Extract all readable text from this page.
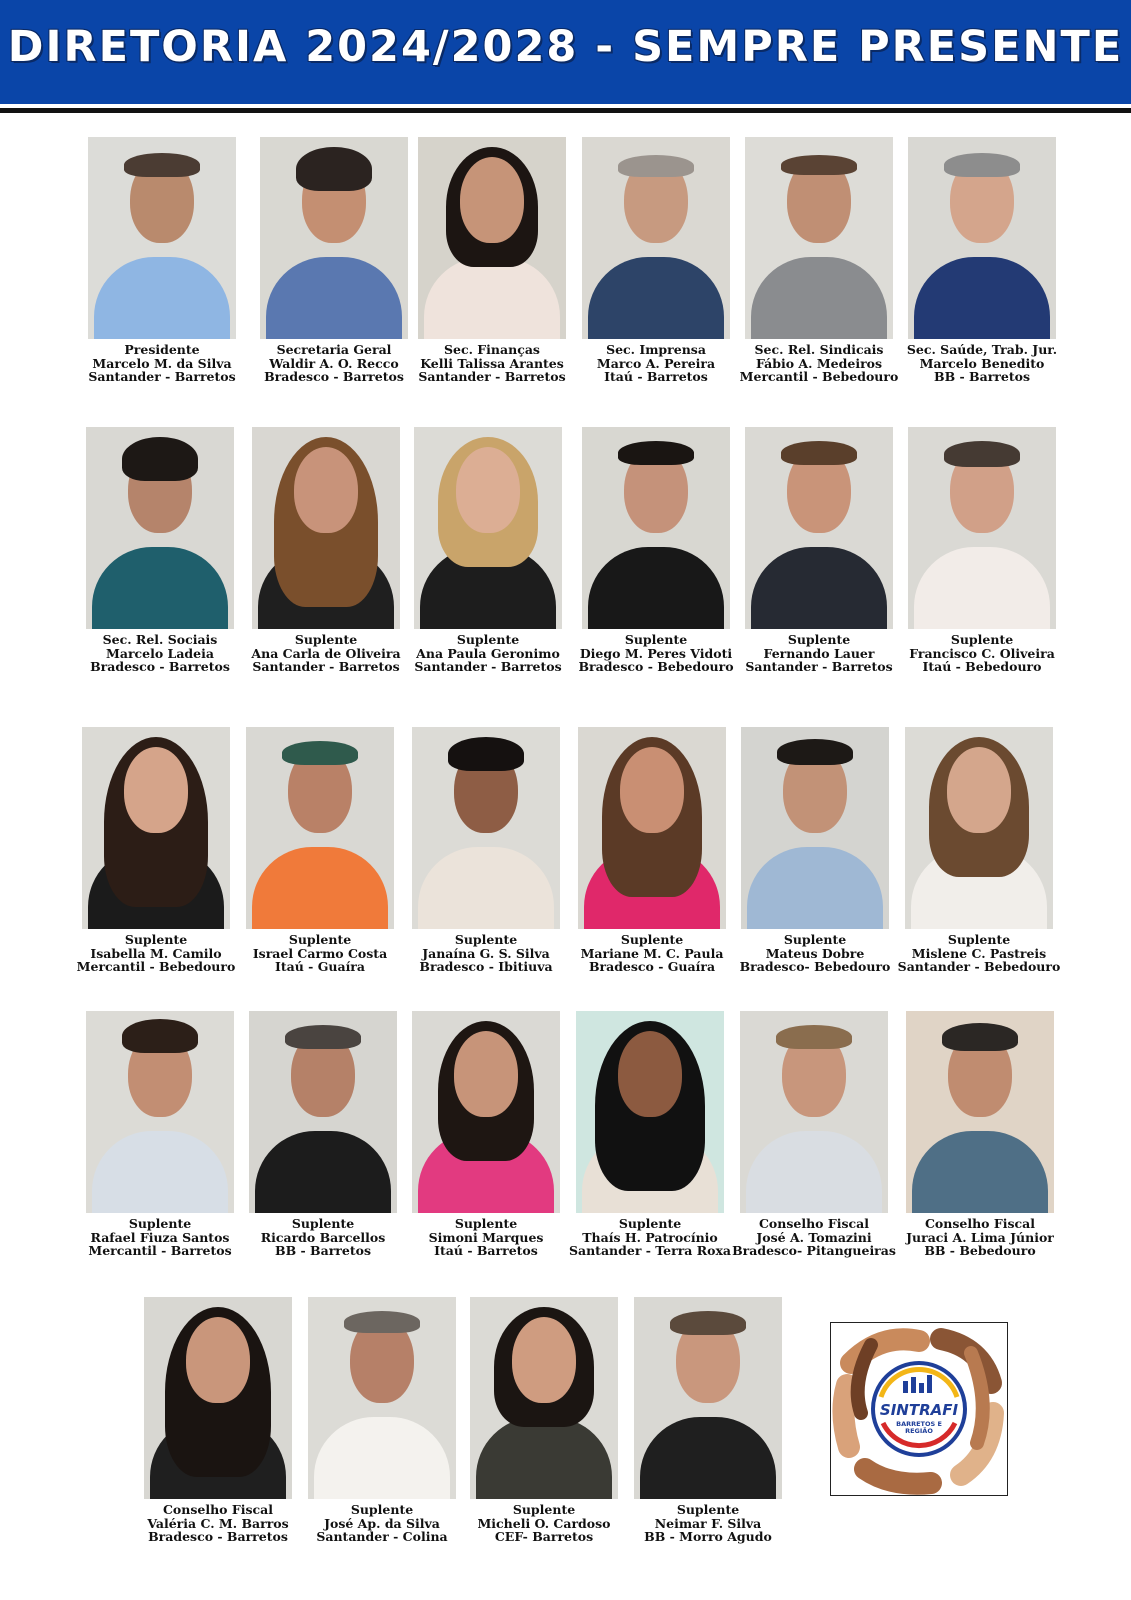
DIRETORIA 2024/2028 - SEMPRE PRESENTE
Presidente
Marcelo M. da Silva
Santander - Barretos
Secretaria Geral
Waldir A. O. Recco
Bradesco - Barretos
Sec. Finanças
Kelli Talissa Arantes
Santander - Barretos
Sec. Imprensa
Marco A. Pereira
Itaú - Barretos
Sec. Rel. Sindicais
Fábio A. Medeiros
Mercantil - Bebedouro
Sec. Saúde, Trab. Jur.
Marcelo Benedito
BB - Barretos
Sec. Rel. Sociais
Marcelo Ladeia
Bradesco - Barretos
Suplente
Ana Carla de Oliveira
Santander - Barretos
Suplente
Ana Paula Geronimo
Santander - Barretos
Suplente
Diego M. Peres Vidoti
Bradesco - Bebedouro
Suplente
Fernando Lauer
Santander - Barretos
Suplente
Francisco C. Oliveira
Itaú - Bebedouro
Suplente
Isabella M. Camilo
Mercantil - Bebedouro
Suplente
Israel Carmo Costa
Itaú - Guaíra
Suplente
Janaína G. S. Silva
Bradesco - Ibitiuva
Suplente
Mariane M. C. Paula
Bradesco - Guaíra
Suplente
Mateus Dobre
Bradesco- Bebedouro
Suplente
Mislene C. Pastreis
Santander - Bebedouro
Suplente
Rafael Fiuza Santos
Mercantil - Barretos
Suplente
Ricardo Barcellos
BB - Barretos
Suplente
Simoni Marques
Itaú - Barretos
Suplente
Thaís H. Patrocínio
Santander - Terra Roxa
Conselho Fiscal
José A. Tomazini
Bradesco- Pitangueiras
Conselho Fiscal
Juraci A. Lima Júnior
BB - Bebedouro
Conselho Fiscal
Valéria C. M. Barros
Bradesco - Barretos
Suplente
José Ap. da Silva
Santander - Colina
Suplente
Micheli O. Cardoso
CEF- Barretos
Suplente
Neimar F. Silva
BB - Morro Agudo
SINTRAFI
BARRETOS E REGIÃO
